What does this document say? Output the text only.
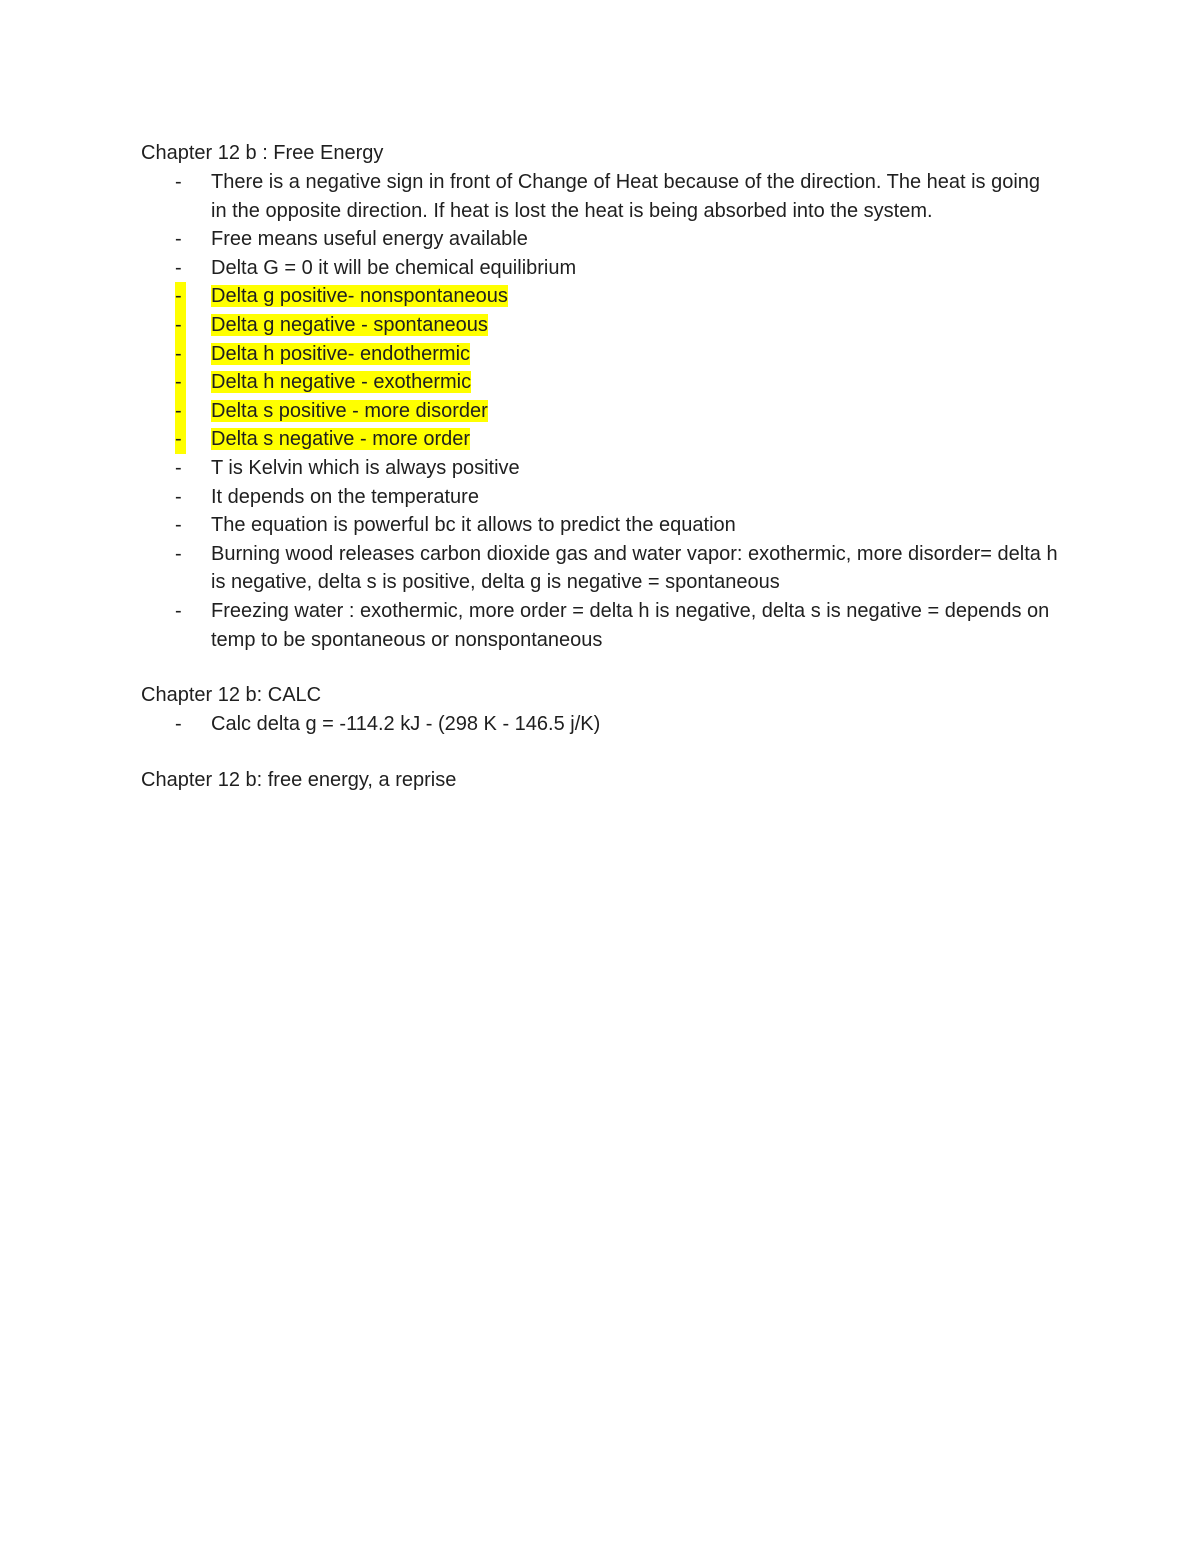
Chapter 12 b : Free Energy

- There is a negative sign in front of Change of Heat because of the direction. The heat is going in the opposite direction. If heat is lost the heat is being absorbed into the system.
- Free means useful energy available
- Delta G = 0 it will be chemical equilibrium
- Delta g positive- nonspontaneous
- Delta g negative - spontaneous
- Delta h positive- endothermic
- Delta h negative - exothermic
- Delta s positive - more disorder
- Delta s negative - more order
- T is Kelvin which is always positive
- It depends on the temperature
- The equation is powerful bc it allows to predict the equation
- Burning wood releases carbon dioxide gas and water vapor: exothermic, more disorder= delta h is negative, delta s is positive, delta g is negative = spontaneous
- Freezing water : exothermic, more order = delta h is negative, delta s is negative = depends on temp to be spontaneous or nonspontaneous

Chapter 12 b: CALC

- Calc delta g = -114.2 kJ - (298 K - 146.5 j/K)

Chapter 12 b: free energy, a reprise
